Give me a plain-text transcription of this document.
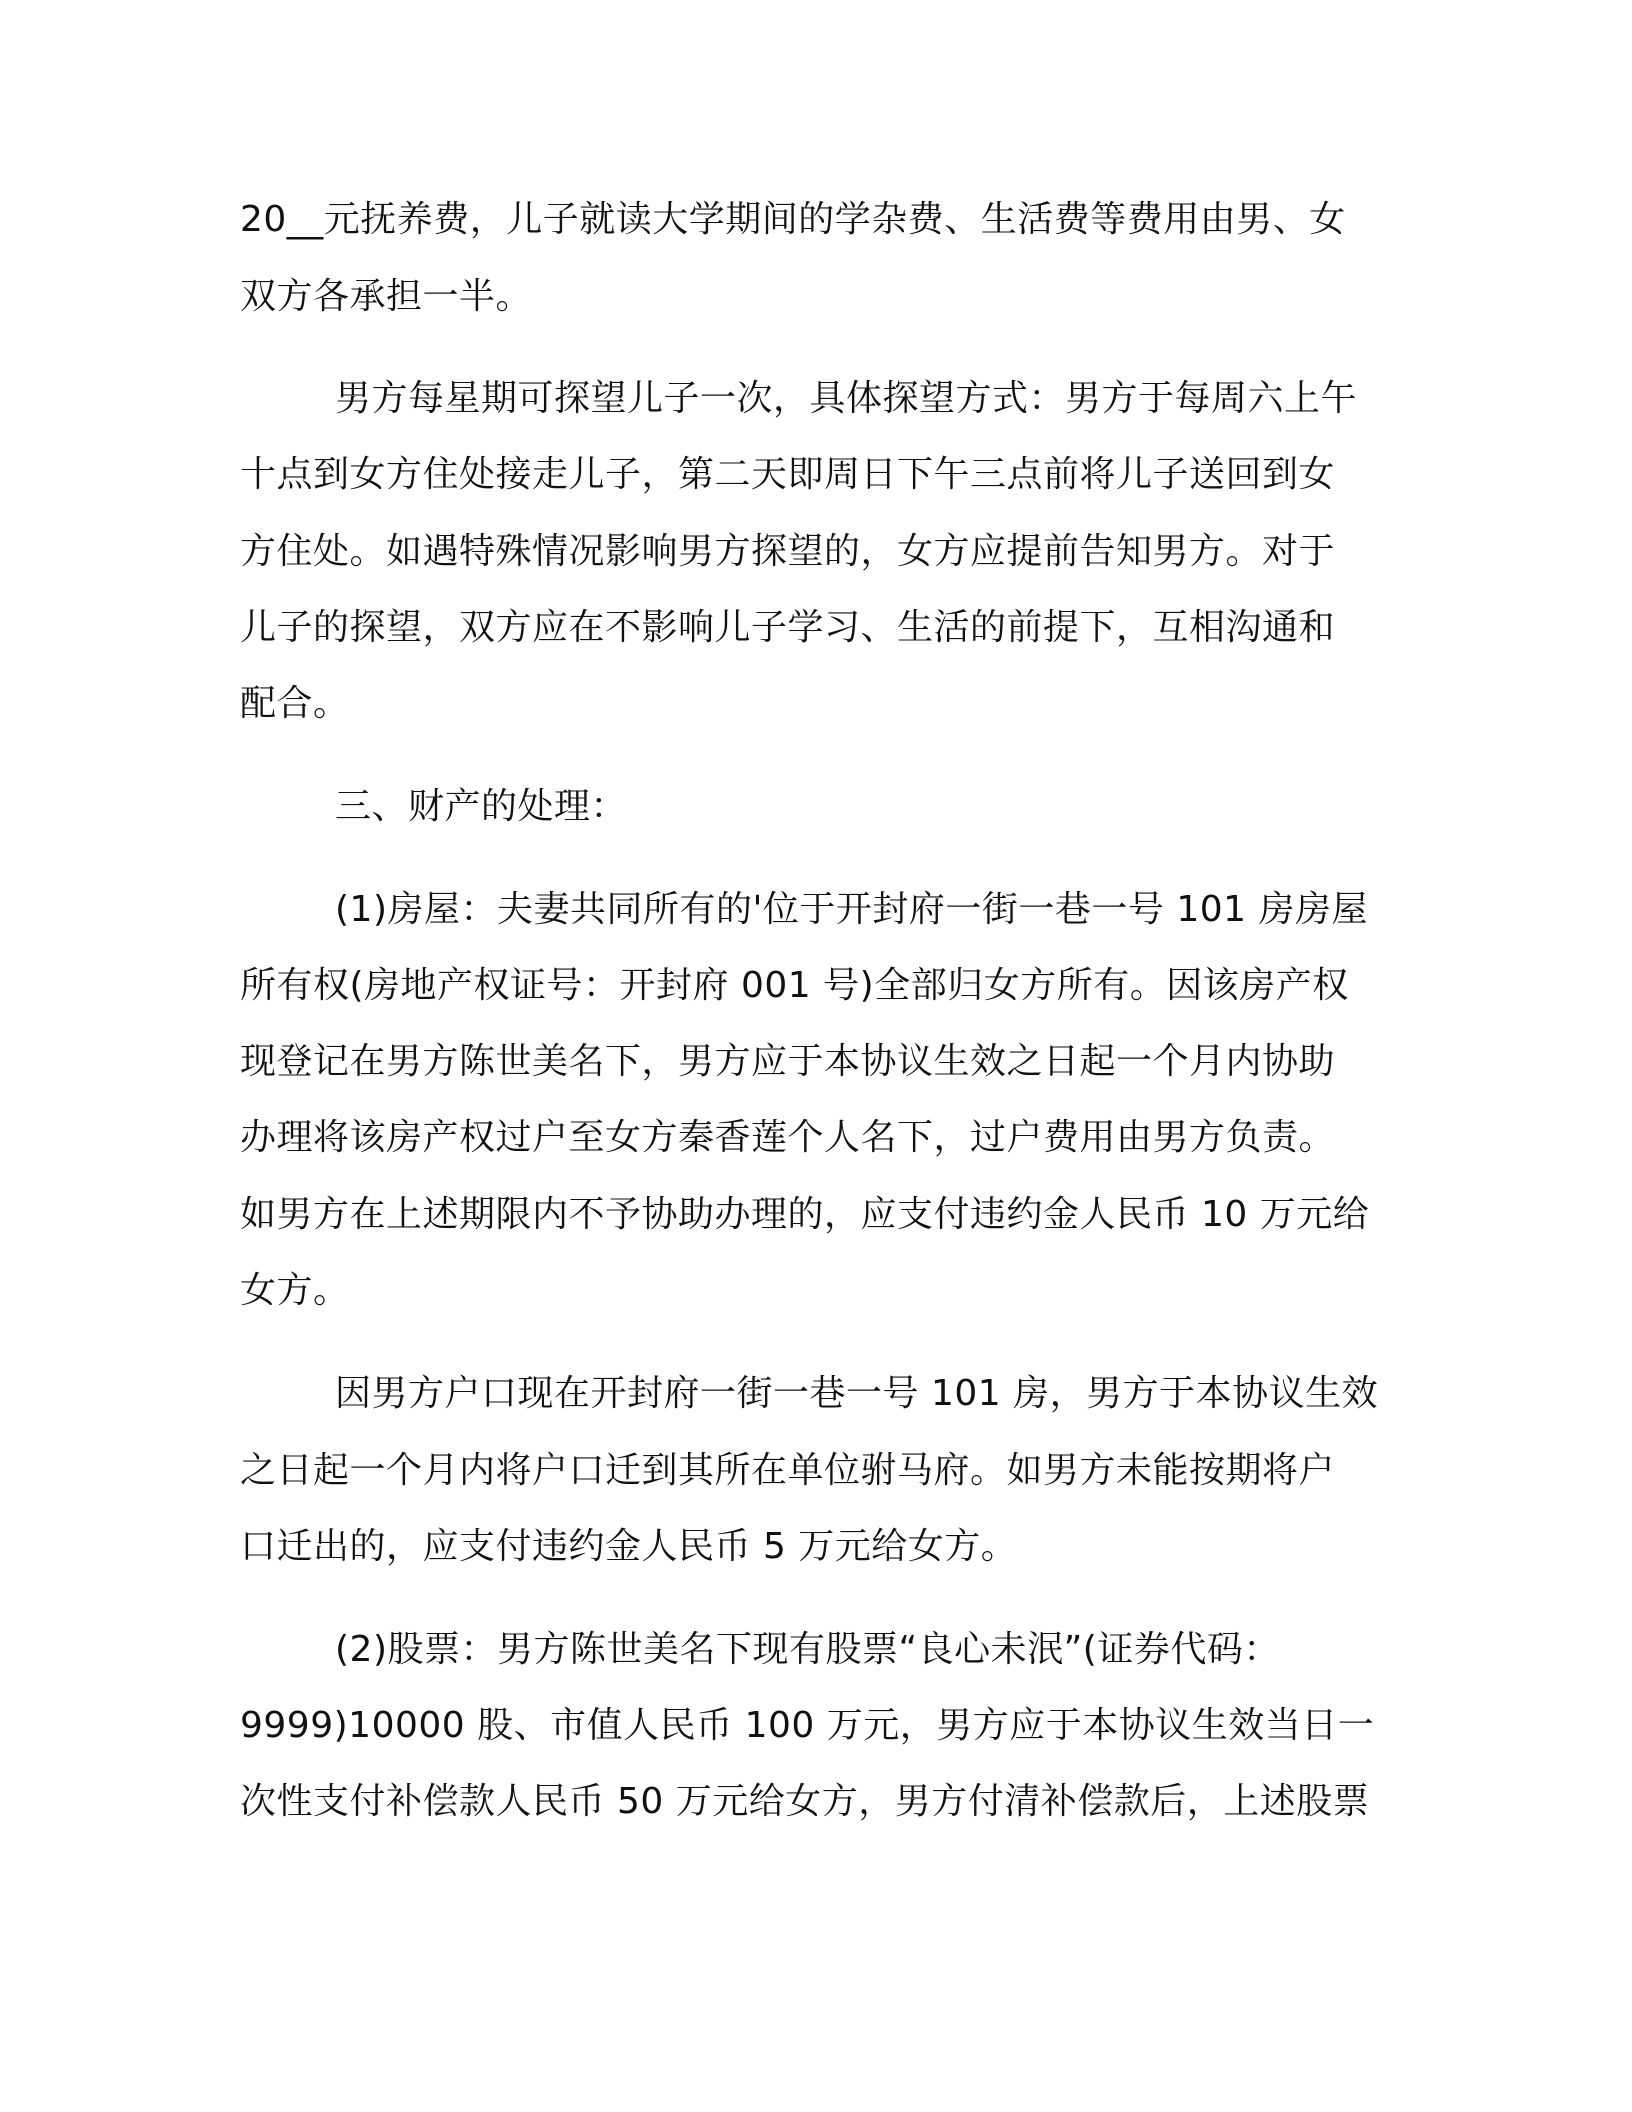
20__元抚养费，儿子就读大学期间的学杂费、生活费等费用由男、女
双方各承担一半。
男方每星期可探望儿子一次，具体探望方式：男方于每周六上午
十点到女方住处接走儿子，第二天即周日下午三点前将儿子送回到女
方住处。如遇特殊情况影响男方探望的，女方应提前告知男方。对于
儿子的探望，双方应在不影响儿子学习、生活的前提下，互相沟通和
配合。
三、财产的处理：
(1)房屋：夫妻共同所有的'位于开封府一街一巷一号 101 房房屋
所有权(房地产权证号：开封府 001 号)全部归女方所有。因该房产权
现登记在男方陈世美名下，男方应于本协议生效之日起一个月内协助
办理将该房产权过户至女方秦香莲个人名下，过户费用由男方负责。
如男方在上述期限内不予协助办理的，应支付违约金人民币 10 万元给
女方。
因男方户口现在开封府一街一巷一号 101 房，男方于本协议生效
之日起一个月内将户口迁到其所在单位驸马府。如男方未能按期将户
口迁出的，应支付违约金人民币 5 万元给女方。
(2)股票：男方陈世美名下现有股票“良心未泯”(证券代码：
9999)10000 股、市值人民币 100 万元，男方应于本协议生效当日一
次性支付补偿款人民币 50 万元给女方，男方付清补偿款后，上述股票
